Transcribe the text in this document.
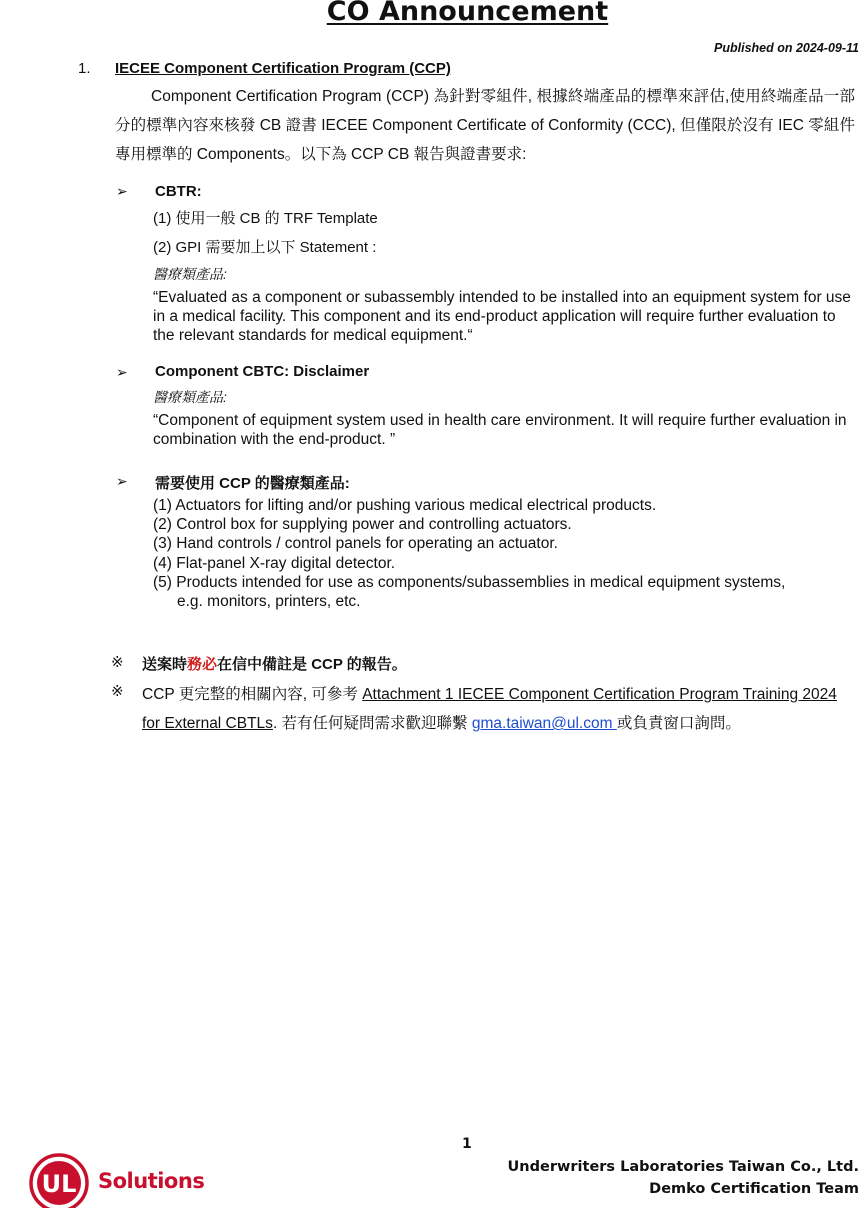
CO Announcement
Published on 2024-09-11
1. IECEE Component Certification Program (CCP)
Component Certification Program (CCP) 為針對零組件, 根據終端產品的標準來評估,使用終端產品一部分的標準內容來核發 CB 證書 IECEE Component Certificate of Conformity (CCC), 但僅限於沒有 IEC 零組件專用標準的 Components。以下為 CCP CB 報告與證書要求:
➢ CBTR:
(1) 使用一般 CB 的 TRF Template
(2) GPI 需要加上以下 Statement :
醫療類產品:
“Evaluated as a component or subassembly intended to be installed into an equipment system for use in a medical facility. This component and its end-product application will require further evaluation to the relevant standards for medical equipment.“
➢ Component CBTC: Disclaimer
醫療類產品:
“Component of equipment system used in health care environment. It will require further evaluation in combination with the end-product. ”
➢ 需要使用 CCP 的醫療類產品:
(1) Actuators for lifting and/or pushing various medical electrical products.
(2) Control box for supplying power and controlling actuators.
(3) Hand controls / control panels for operating an actuator.
(4) Flat-panel X-ray digital detector.
(5) Products intended for use as components/subassemblies in medical equipment systems,
e.g. monitors, printers, etc.
※ 送案時務必在信中備註是 CCP 的報告。
※ CCP 更完整的相關內容, 可參考 Attachment 1 IECEE Component Certification Program Training 2024 for External CBTLs. 若有任何疑問需求歡迎聯繫 gma.taiwan@ul.com 或負責窗口詢問。
1
UL Solutions
Underwriters Laboratories Taiwan Co., Ltd.
Demko Certification Team
